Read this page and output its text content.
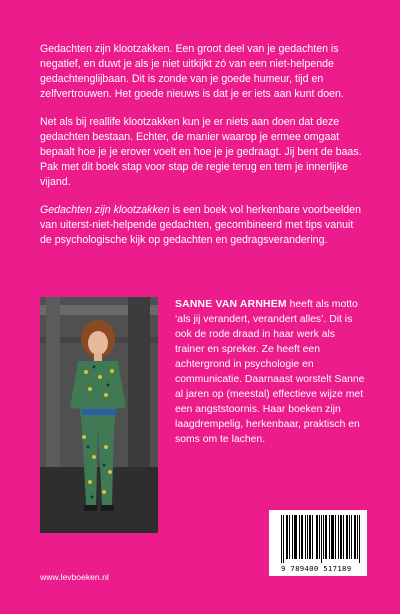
Gedachten zijn klootzakken. Een groot deel van je gedachten is negatief, en duwt je als je niet uitkijkt zó van een niet-helpende gedachtenglijbaan. Dit is zonde van je goede humeur, tijd en zelfvertrouwen. Het goede nieuws is dat je er iets aan kunt doen.

Net als bij reallife klootzakken kun je er niets aan doen dat deze gedachten bestaan. Echter, de manier waarop je ermee omgaat bepaalt hoe je je erover voelt en hoe je je gedraagt. Jij bent de baas. Pak met dit boek stap voor stap de regie terug en tem je innerlijke vijand.

Gedachten zijn klootzakken is een boek vol herkenbare voorbeelden van uiterst-niet-helpende gedachten, gecombineerd met tips vanuit de psychologische kijk op gedachten en gedragsverandering.

SANNE VAN ARNHEM heeft als motto ‘als jij verandert, verandert alles’. Dit is ook de rode draad in haar werk als trainer en spreker. Ze heeft een achtergrond in psychologie en communicatie. Daarnaast worstelt Sanne al jaren op (meestal) effectieve wijze met een angststoornis. Haar boeken zijn laagdrempelig, herkenbaar, praktisch en soms om te lachen.
9 789400 517189
www.levboeken.nl
